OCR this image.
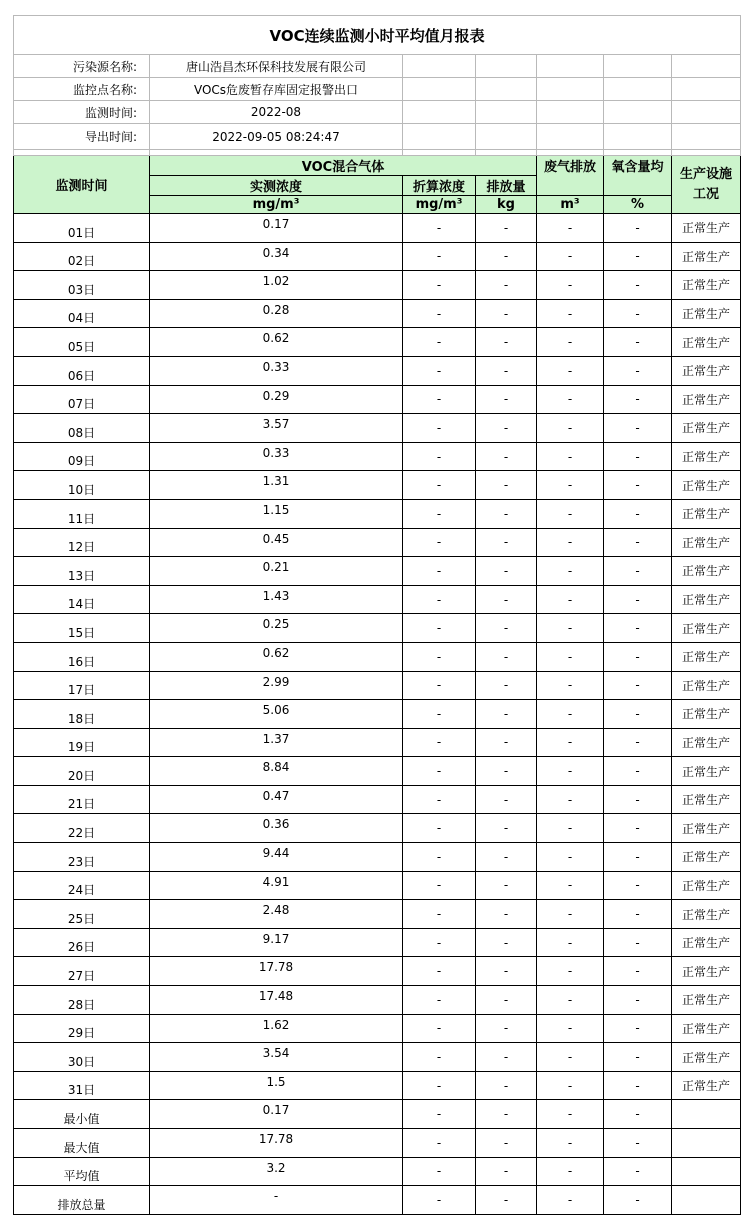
VOC连续监测小时平均值月报表						
污染源名称:	唐山浩昌杰环保科技发展有限公司					
监控点名称:	VOCs危废暂存库固定报警出口					
监测时间:	2022-08					
导出时间:	2022-09-05 08:24:47					

监测时间	VOC混合气体			废气排放	氧含量均	生产设施工况
	实测浓度	折算浓度	排放量			
	mg/m³	mg/m³	kg	m³	%	
01日	0.17	-	-	-	-	正常生产
02日	0.34	-	-	-	-	正常生产
03日	1.02	-	-	-	-	正常生产
04日	0.28	-	-	-	-	正常生产
05日	0.62	-	-	-	-	正常生产
06日	0.33	-	-	-	-	正常生产
07日	0.29	-	-	-	-	正常生产
08日	3.57	-	-	-	-	正常生产
09日	0.33	-	-	-	-	正常生产
10日	1.31	-	-	-	-	正常生产
11日	1.15	-	-	-	-	正常生产
12日	0.45	-	-	-	-	正常生产
13日	0.21	-	-	-	-	正常生产
14日	1.43	-	-	-	-	正常生产
15日	0.25	-	-	-	-	正常生产
16日	0.62	-	-	-	-	正常生产
17日	2.99	-	-	-	-	正常生产
18日	5.06	-	-	-	-	正常生产
19日	1.37	-	-	-	-	正常生产
20日	8.84	-	-	-	-	正常生产
21日	0.47	-	-	-	-	正常生产
22日	0.36	-	-	-	-	正常生产
23日	9.44	-	-	-	-	正常生产
24日	4.91	-	-	-	-	正常生产
25日	2.48	-	-	-	-	正常生产
26日	9.17	-	-	-	-	正常生产
27日	17.78	-	-	-	-	正常生产
28日	17.48	-	-	-	-	正常生产
29日	1.62	-	-	-	-	正常生产
30日	3.54	-	-	-	-	正常生产
31日	1.5	-	-	-	-	正常生产
最小值	0.17	-	-	-	-	
最大值	17.78	-	-	-	-	
平均值	3.2	-	-	-	-	
排放总量	-	-	-	-	-	
